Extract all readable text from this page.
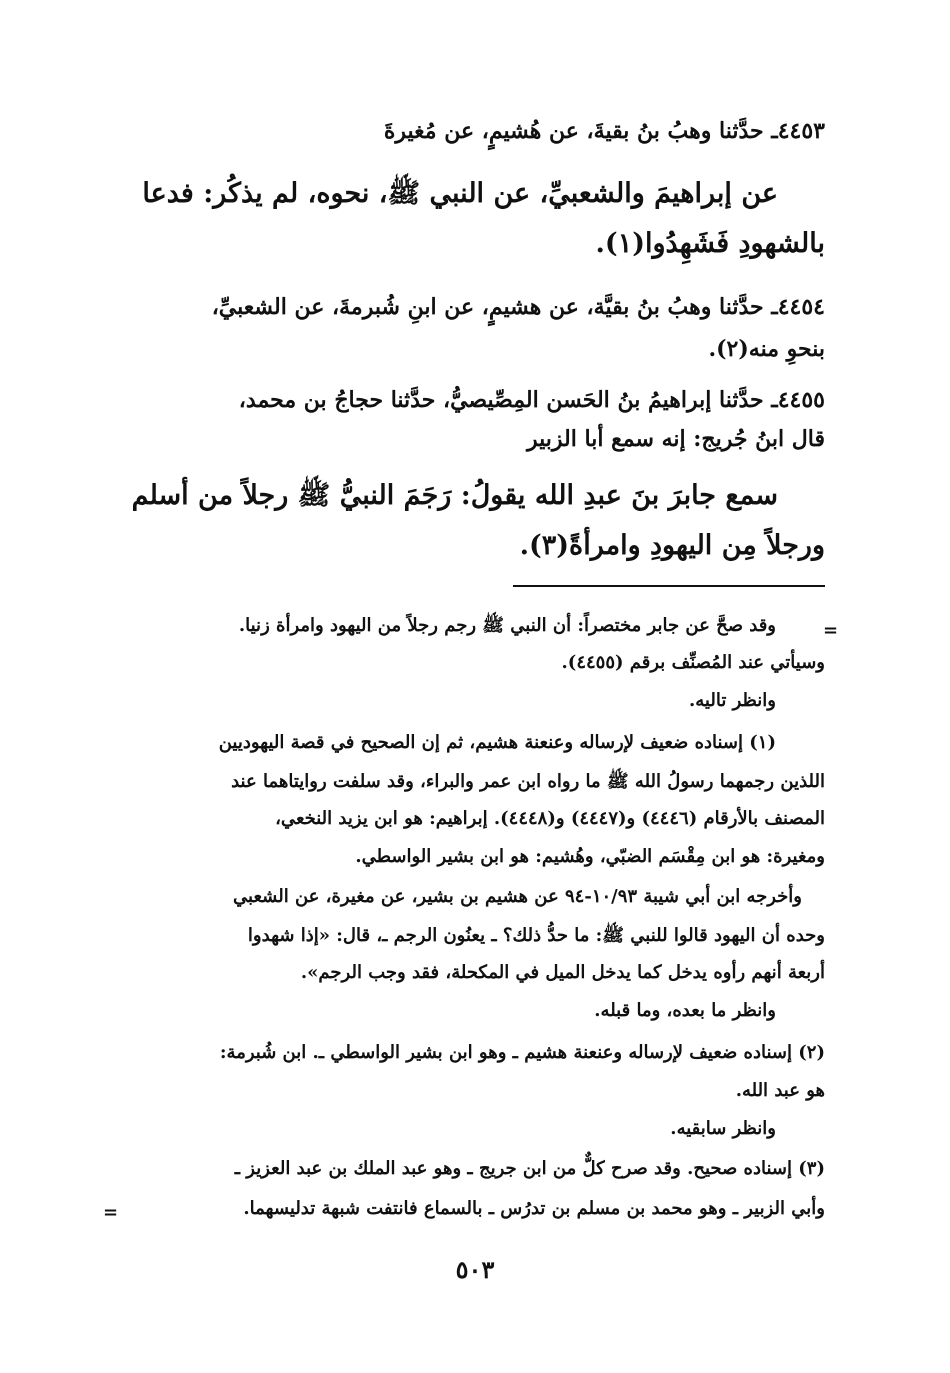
٤٤٥٣ـ حدَّثنا وهبُ بنُ بقيةَ، عن هُشيمٍ، عن مُغيرةَ
عن إبراهيمَ والشعبيِّ، عن النبي ﷺ، نحوه، لم يذكُر: فدعا
بالشهودِ فَشَهِدُوا(١).
٤٤٥٤ـ حدَّثنا وهبُ بنُ بقيَّة، عن هشيمٍ، عن ابنِ شُبرمةَ، عن الشعبيِّ،
بنحوِ منه(٢).
٤٤٥٥ـ حدَّثنا إبراهيمُ بنُ الحَسن المِصِّيصيُّ، حدَّثنا حجاجُ بن محمد،
قال ابنُ جُريج: إنه سمع أبا الزبير
سمع جابرَ بنَ عبدِ الله يقولُ: رَجَمَ النبيُّ ﷺ رجلاً من أسلم
ورجلاً مِن اليهودِ وامرأةً(٣).
=
وقد صحَّ عن جابر مختصراً: أن النبي ﷺ رجم رجلاً من اليهود وامرأة زنيا.
وسيأتي عند المُصنِّف برقم (٤٤٥٥).
وانظر تاليه.
(١) إسناده ضعيف لإرساله وعنعنة هشيم، ثم إن الصحيح في قصة اليهوديين
اللذين رجمهما رسولُ الله ﷺ ما رواه ابن عمر والبراء، وقد سلفت روايتاهما عند
المصنف بالأرقام (٤٤٤٦) و(٤٤٤٧) و(٤٤٤٨). إبراهيم: هو ابن يزيد النخعي،
ومغيرة: هو ابن مِقْسَم الضبّي، وهُشيم: هو ابن بشير الواسطي.
وأخرجه ابن أبي شيبة ١٠/٩٣-٩٤ عن هشيم بن بشير، عن مغيرة، عن الشعبي
وحده أن اليهود قالوا للنبي ﷺ: ما حدُّ ذلك؟ ـ يعنُون الرجم ـ، قال: «إذا شهدوا
أربعة أنهم رأوه يدخل كما يدخل الميل في المكحلة، فقد وجب الرجم».
وانظر ما بعده، وما قبله.
(٢) إسناده ضعيف لإرساله وعنعنة هشيم ـ وهو ابن بشير الواسطي ـ. ابن شُبرمة:
هو عبد الله.
وانظر سابقيه.
(٣) إسناده صحيح. وقد صرح كلٌّ من ابن جريج ـ وهو عبد الملك بن عبد العزيز ـ
وأبي الزبير ـ وهو محمد بن مسلم بن تدرُس ـ بالسماع فانتفت شبهة تدليسهما.
=
٥٠٣
